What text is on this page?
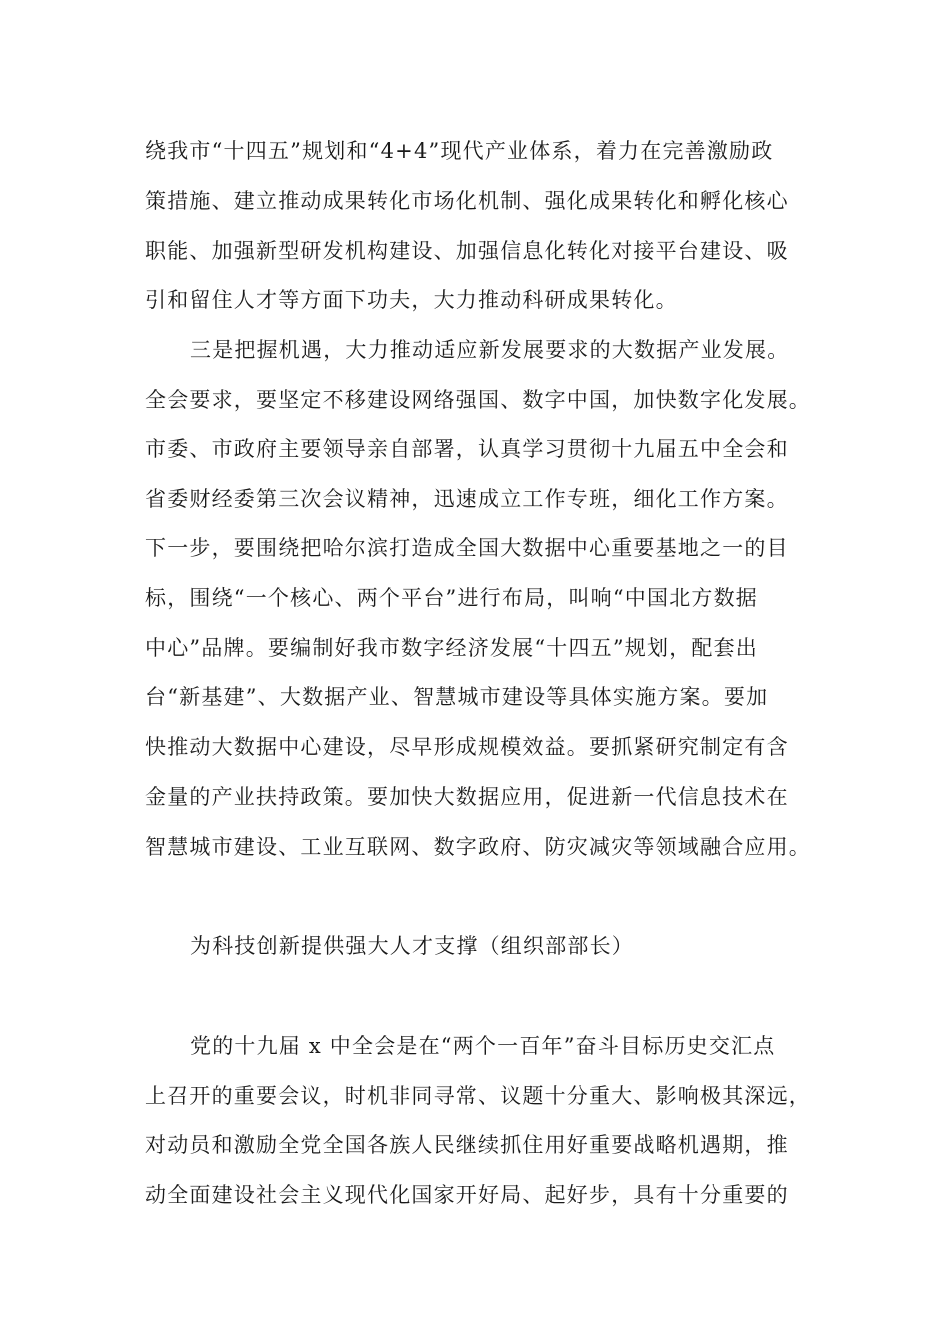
绕我市“十四五”规划和“4+4”现代产业体系，着力在完善激励政
策措施、建立推动成果转化市场化机制、强化成果转化和孵化核心
职能、加强新型研发机构建设、加强信息化转化对接平台建设、吸
引和留住人才等方面下功夫，大力推动科研成果转化。
三是把握机遇，大力推动适应新发展要求的大数据产业发展。
全会要求，要坚定不移建设网络强国、数字中国，加快数字化发展。
市委、市政府主要领导亲自部署，认真学习贯彻十九届五中全会和
省委财经委第三次会议精神，迅速成立工作专班，细化工作方案。
下一步，要围绕把哈尔滨打造成全国大数据中心重要基地之一的目
标，围绕“一个核心、两个平台”进行布局，叫响“中国北方数据
中心”品牌。要编制好我市数字经济发展“十四五”规划，配套出
台“新基建”、大数据产业、智慧城市建设等具体实施方案。要加
快推动大数据中心建设，尽早形成规模效益。要抓紧研究制定有含
金量的产业扶持政策。要加快大数据应用，促进新一代信息技术在
智慧城市建设、工业互联网、数字政府、防灾减灾等领域融合应用。
为科技创新提供强大人才支撑（组织部部长）
党的十九届 x 中全会是在“两个一百年”奋斗目标历史交汇点
上召开的重要会议，时机非同寻常、议题十分重大、影响极其深远，
对动员和激励全党全国各族人民继续抓住用好重要战略机遇期，推
动全面建设社会主义现代化国家开好局、起好步，具有十分重要的
